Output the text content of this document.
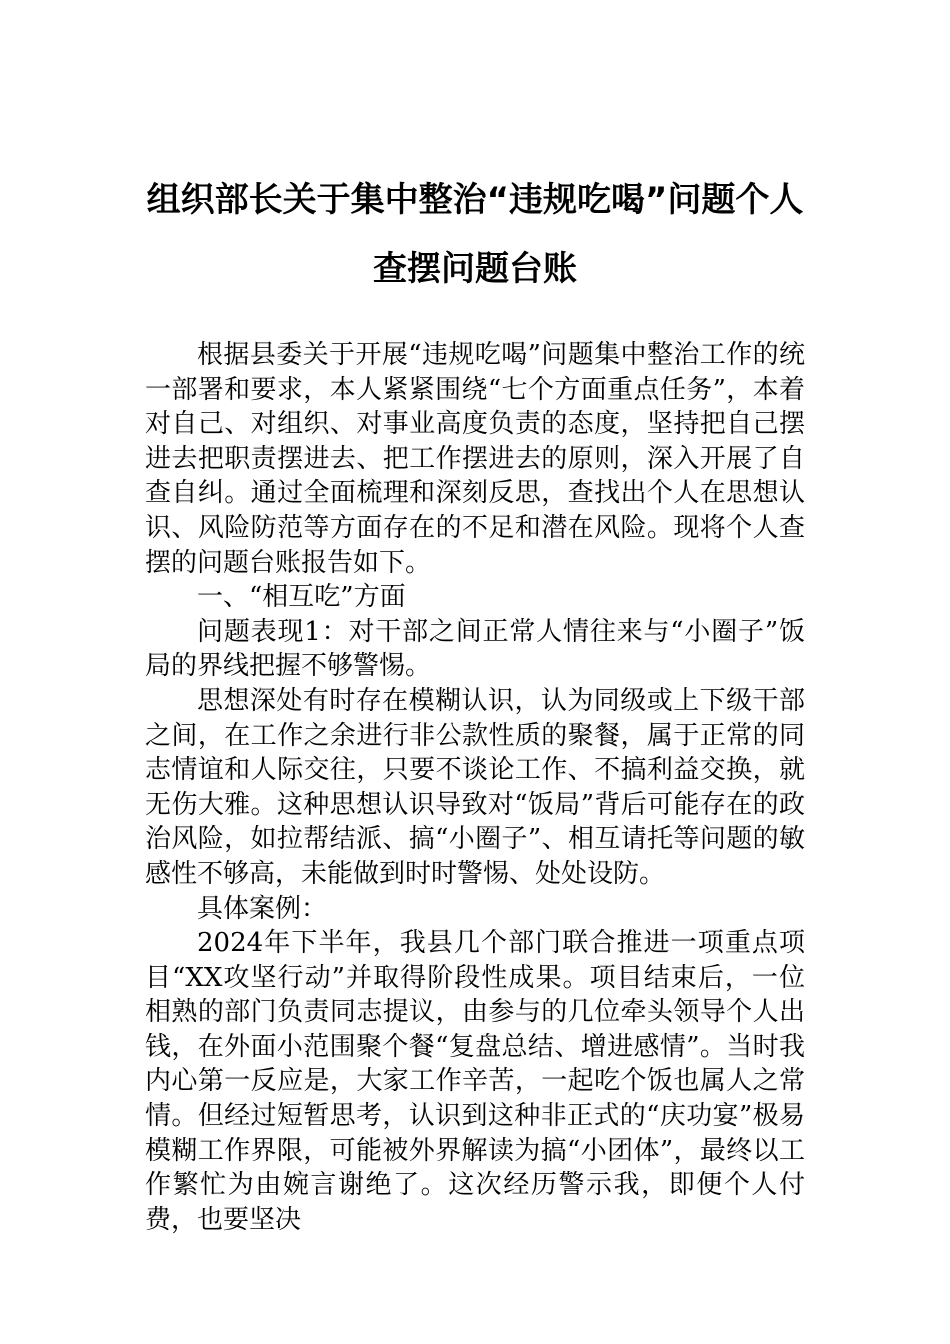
组织部长关于集中整治“违规吃喝”问题个人
查摆问题台账

根据县委关于开展“违规吃喝”问题集中整治工作的统一部署和要求，本人紧紧围绕“七个方面重点任务”，本着对自己、对组织、对事业高度负责的态度，坚持把自己摆进去把职责摆进去、把工作摆进去的原则，深入开展了自查自纠。通过全面梳理和深刻反思，查找出个人在思想认识、风险防范等方面存在的不足和潜在风险。现将个人查摆的问题台账报告如下。

一、“相互吃”方面

问题表现1：对干部之间正常人情往来与“小圈子”饭局的界线把握不够警惕。

思想深处有时存在模糊认识，认为同级或上下级干部之间，在工作之余进行非公款性质的聚餐，属于正常的同志情谊和人际交往，只要不谈论工作、不搞利益交换，就无伤大雅。这种思想认识导致对“饭局”背后可能存在的政治风险，如拉帮结派、搞“小圈子”、相互请托等问题的敏感性不够高，未能做到时时警惕、处处设防。

具体案例：

2024年下半年，我县几个部门联合推进一项重点项目“XX攻坚行动”并取得阶段性成果。项目结束后，一位相熟的部门负责同志提议，由参与的几位牵头领导个人出钱，在外面小范围聚个餐“复盘总结、增进感情”。当时我内心第一反应是，大家工作辛苦，一起吃个饭也属人之常情。但经过短暂思考，认识到这种非正式的“庆功宴”极易模糊工作界限，可能被外界解读为搞“小团体”，最终以工作繁忙为由婉言谢绝了。这次经历警示我，即便个人付费，也要坚决
